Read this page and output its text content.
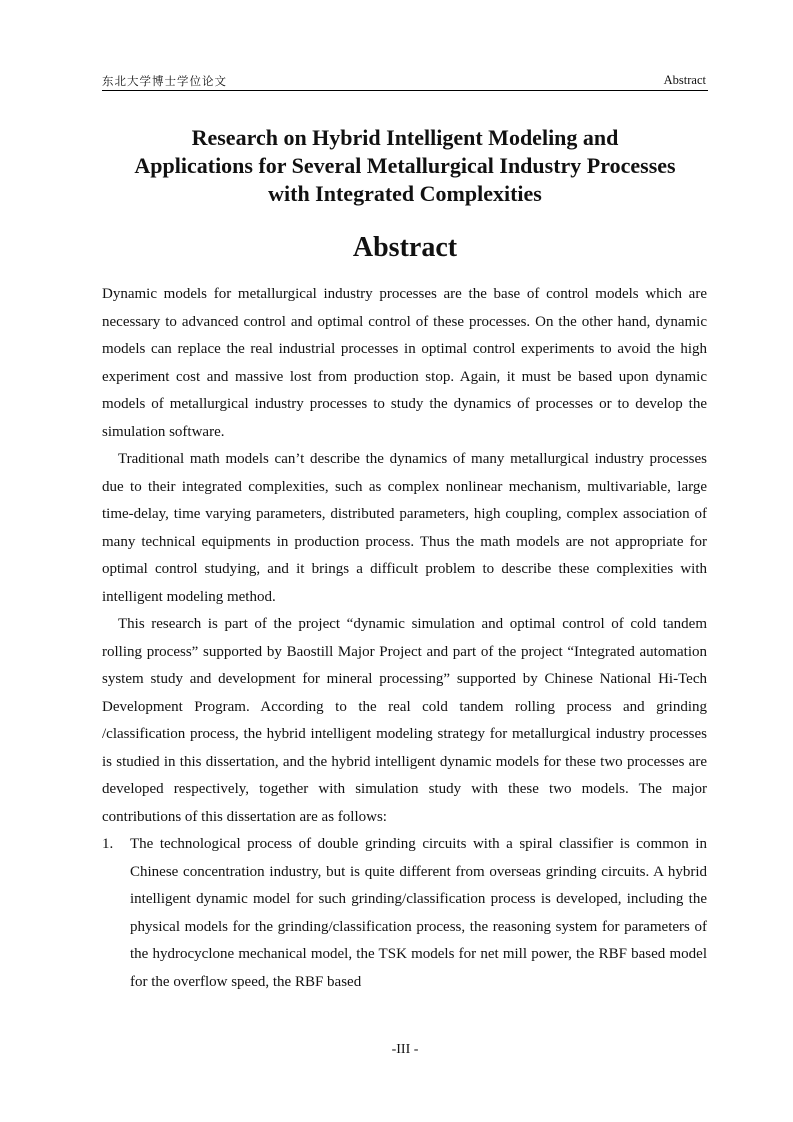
东北大学博士学位论文	Abstract
Research on Hybrid Intelligent Modeling and
Applications for Several Metallurgical Industry Processes
with Integrated Complexities
Abstract

Dynamic models for metallurgical industry processes are the base of control models which are necessary to advanced control and optimal control of these processes. On the other hand, dynamic models can replace the real industrial processes in optimal control experiments to avoid the high experiment cost and massive lost from production stop. Again, it must be based upon dynamic models of metallurgical industry processes to study the dynamics of processes or to develop the simulation software.

Traditional math models can’t describe the dynamics of many metallurgical industry processes due to their integrated complexities, such as complex nonlinear mechanism, multivariable, large time-delay, time varying parameters, distributed parameters, high coupling, complex association of many technical equipments in production process. Thus the math models are not appropriate for optimal control studying, and it brings a difficult problem to describe these complexities with intelligent modeling method.

This research is part of the project “dynamic simulation and optimal control of cold tandem rolling process” supported by Baostill Major Project and part of the project “Integrated automation system study and development for mineral processing” supported by Chinese National Hi-Tech Development Program. According to the real cold tandem rolling process and grinding /classification process, the hybrid intelligent modeling strategy for metallurgical industry processes is studied in this dissertation, and the hybrid intelligent dynamic models for these two processes are developed respectively, together with simulation study with these two models. The major contributions of this dissertation are as follows:

1. The technological process of double grinding circuits with a spiral classifier is common in Chinese concentration industry, but is quite different from overseas grinding circuits. A hybrid intelligent dynamic model for such grinding/classification process is developed, including the physical models for the grinding/classification process, the reasoning system for parameters of the hydrocyclone mechanical model, the TSK models for net mill power, the RBF based model for the overflow speed, the RBF based
-III -
